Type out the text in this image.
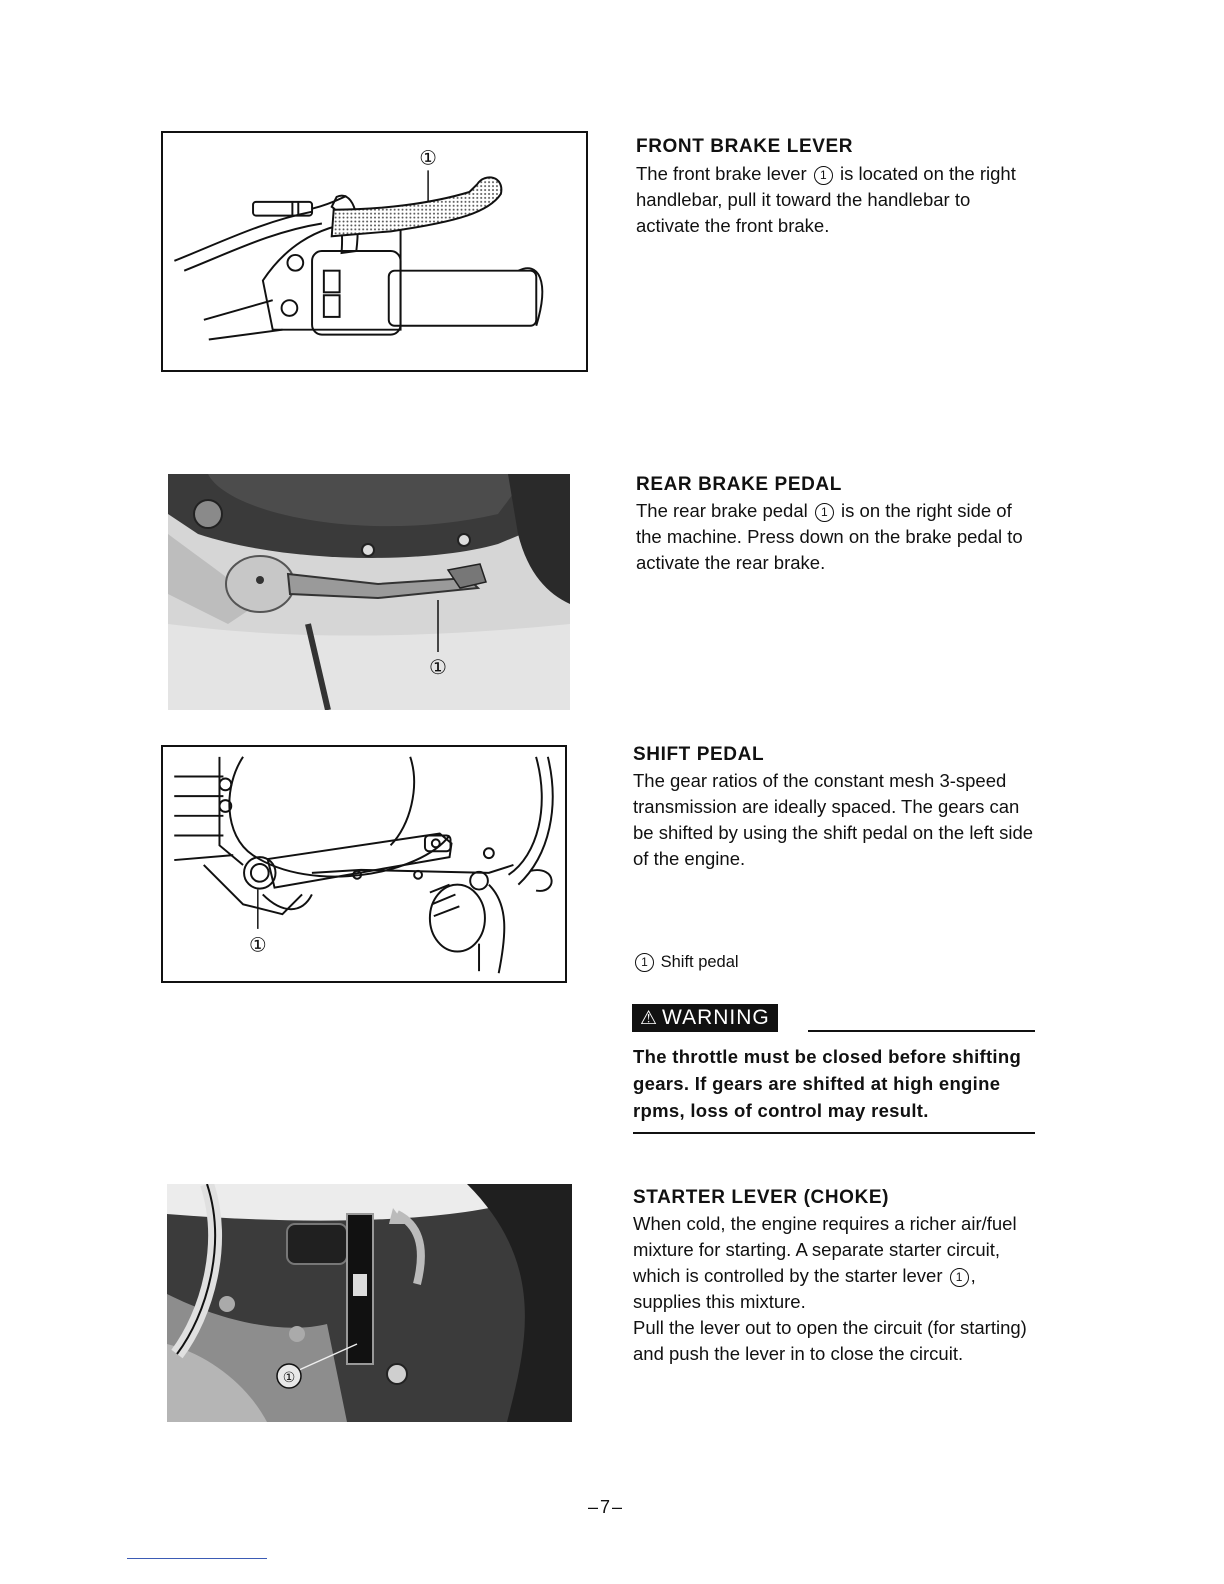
①	FRONT BRAKE LEVER

The front brake lever 1 is located on the right handlebar, pull it toward the handlebar to activate the front brake.

①
REAR BRAKE PEDAL

The rear brake pedal 1 is on the right side of the machine. Press down on the brake pedal to activate the rear brake.

①
SHIFT PEDAL
The gear ratios of the constant mesh 3-speed transmission are ideally spaced. The gears can be shifted by using the shift pedal on the left side of the engine.
1 Shift pedal
⚠ WARNING
The throttle must be closed before shifting gears. If gears are shifted at high engine rpms, loss of control may result.
①
STARTER LEVER (CHOKE)

When cold, the engine requires a richer air/fuel mixture for starting. A separate starter circuit, which is controlled by the starter lever 1 , supplies this mixture.

Pull the lever out to open the circuit (for starting) and push the lever in to close the circuit.

–7–
